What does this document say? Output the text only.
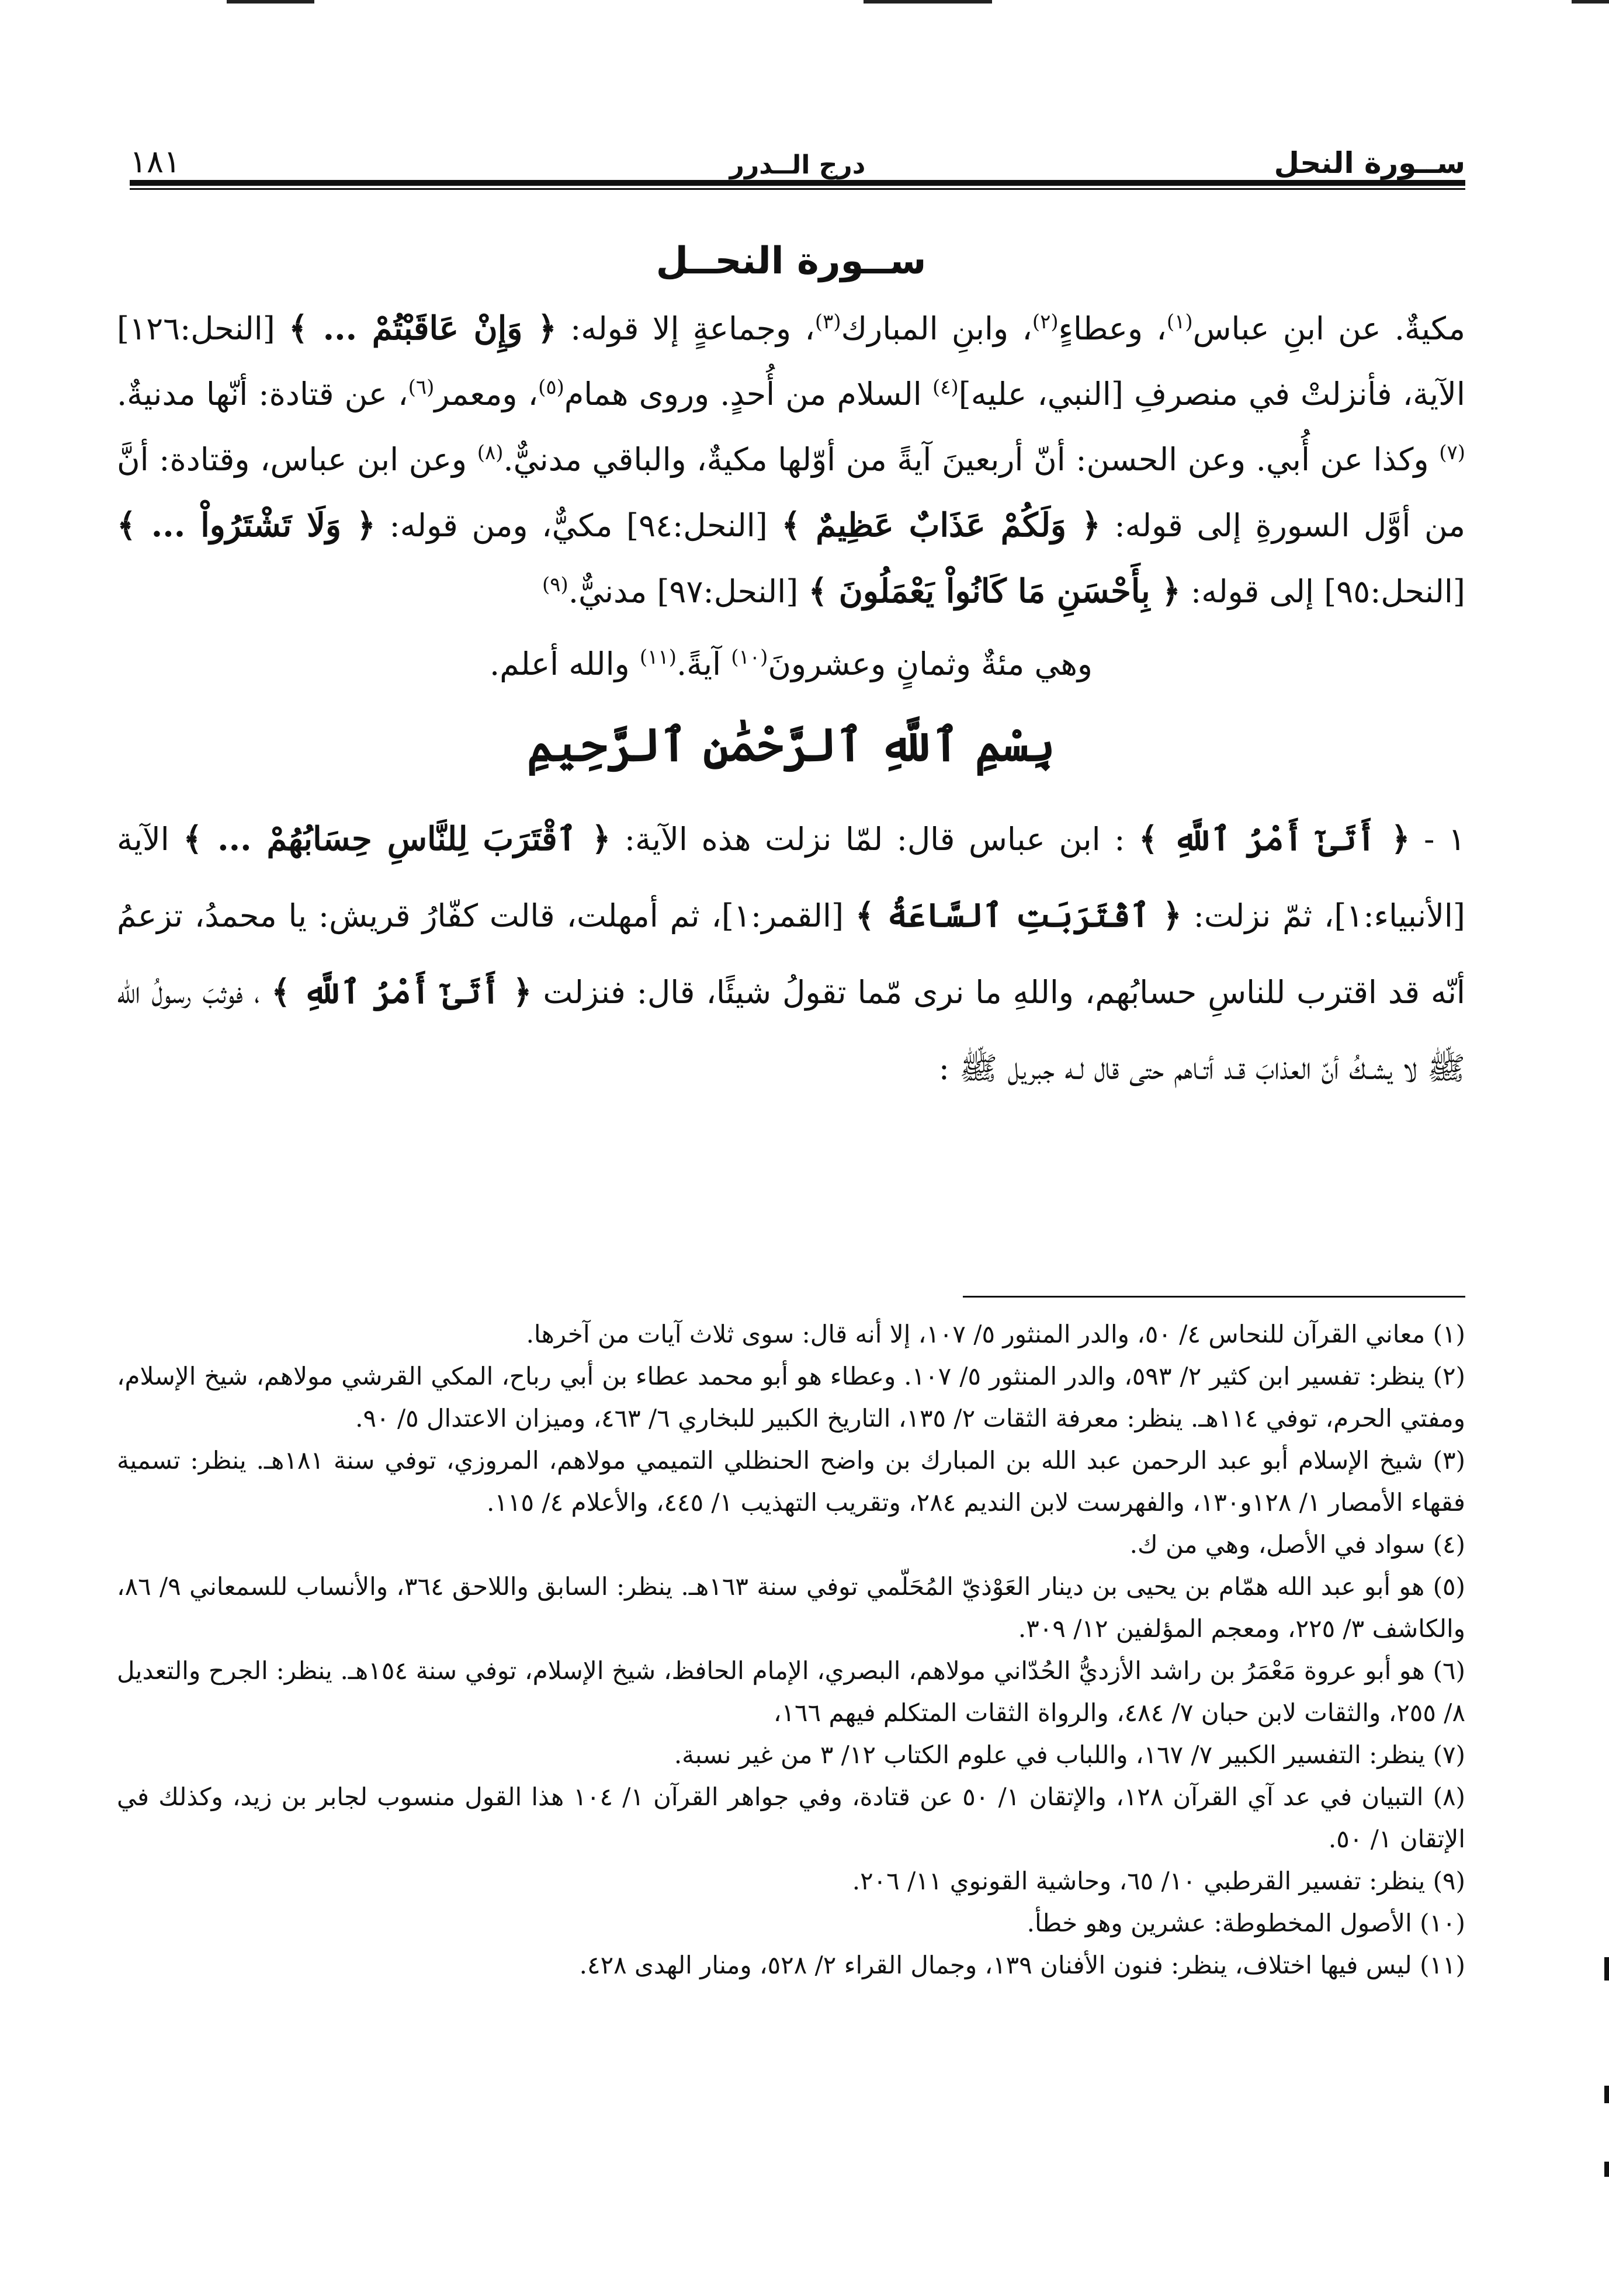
ســورة النحل
درج الــدرر
١٨١
ســورة النحــل

مكيةٌ. عن ابنِ عباس$^{(١)}$، وعطاءٍ$^{(٢)}$، وابنِ المبارك$^{(٣)}$، وجماعةٍ إلا قوله: ﴿ وَإِنْ عَاقَبْتُمْ ... ﴾ [النحل:١٢٦] الآية، فأنزلتْ في منصرفِ [النبي، عليه]$^{(٤)}$ السلام من أُحدٍ. وروى همام$^{(٥)}$، ومعمر$^{(٦)}$، عن قتادة: أنّها مدنيةٌ.$^{(٧)}$ وكذا عن أُبي. وعن الحسن: أنّ أربعينَ آيةً من أوّلها مكيةٌ، والباقي مدنيٌّ.$^{(٨)}$ وعن ابن عباس، وقتادة: أنَّ من أوَّل السورةِ إلى قوله: ﴿ وَلَكُمْ عَذَابٌ عَظِيمٌ ﴾ [النحل:٩٤] مكيٌّ، ومن قوله: ﴿ وَلَا تَشْتَرُواْ ... ﴾ [النحل:٩٥] إلى قوله: ﴿ بِأَحْسَنِ مَا كَانُواْ يَعْمَلُونَ ﴾ [النحل:٩٧] مدنيٌّ.$^{(٩)}$

وهي مئةٌ وثمانٍ وعشرونَ$^{(١٠)}$ آيةً.$^{(١١)}$ والله أعلم.

بِسْمِ ٱللَّهِ ٱلرَّحْمَٰنِ ٱلرَّحِيمِ

١ - ﴿ أَتَىٰٓ أَمْرُ ٱللَّهِ ﴾ : ابن عباس قال: لمّا نزلت هذه الآية: ﴿ ٱقْتَرَبَ لِلنَّاسِ حِسَابُهُمْ ... ﴾ الآية [الأنبياء:١]، ثمّ نزلت: ﴿ ٱقْتَرَبَتِ ٱلسَّاعَةُ ﴾ [القمر:١]، ثم أمهلت، قالت كفّارُ قريش: يا محمدُ، تزعمُ أنّه قد اقترب للناسِ حسابُهم، واللهِ ما نرى مّما تقولُ شيئًا، قال: فنزلت ﴿ أَتَىٰٓ أَمْرُ ٱللَّهِ ﴾ ، فوثبَ رسولُ الله ﷺ لا يشـكُ أنّ العذابَ قـد أتـاهم حتى قال لـه جبريل ﷺ :

(١) معاني القرآن للنحاس ٤/ ٥٠، والدر المنثور ٥/ ١٠٧، إلا أنه قال: سوى ثلاث آيات من آخرها.

(٢) ينظر: تفسير ابن كثير ٢/ ٥٩٣، والدر المنثور ٥/ ١٠٧. وعطاء هو أبو محمد عطاء بن أبي رباح، المكي القرشي مولاهم، شيخ الإسلام، ومفتي الحرم، توفي ١١٤هـ. ينظر: معرفة الثقات ٢/ ١٣٥، التاريخ الكبير للبخاري ٦/ ٤٦٣، وميزان الاعتدال ٥/ ٩٠.

(٣) شيخ الإسلام أبو عبد الرحمن عبد الله بن المبارك بن واضح الحنظلي التميمي مولاهم، المروزي، توفي سنة ١٨١هـ. ينظر: تسمية فقهاء الأمصار ١/ ١٢٨و١٣٠، والفهرست لابن النديم ٢٨٤، وتقريب التهذيب ١/ ٤٤٥، والأعلام ٤/ ١١٥.

(٤) سواد في الأصل، وهي من ك.

(٥) هو أبو عبد الله همّام بن يحيى بن دينار العَوْذيّ المُحَلّمي توفي سنة ١٦٣هـ. ينظر: السابق واللاحق ٣٦٤، والأنساب للسمعاني ٩/ ٨٦، والكاشف ٣/ ٢٢٥، ومعجم المؤلفين ١٢/ ٣٠٩.

(٦) هو أبو عروة مَعْمَرُ بن راشد الأزديُّ الحُدّاني مولاهم، البصري، الإمام الحافظ، شيخ الإسلام، توفي سنة ١٥٤هـ. ينظر: الجرح والتعديل ٨/ ٢٥٥، والثقات لابن حبان ٧/ ٤٨٤، والرواة الثقات المتكلم فيهم ١٦٦،

(٧) ينظر: التفسير الكبير ٧/ ١٦٧، واللباب في علوم الكتاب ١٢/ ٣ من غير نسبة.

(٨) التبيان في عد آي القرآن ١٢٨، والإتقان ١/ ٥٠ عن قتادة، وفي جواهر القرآن ١/ ١٠٤ هذا القول منسوب لجابر بن زيد، وكذلك في الإتقان ١/ ٥٠.

(٩) ينظر: تفسير القرطبي ١٠/ ٦٥، وحاشية القونوي ١١/ ٢٠٦.

(١٠) الأصول المخطوطة: عشرين وهو خطأ.

(١١) ليس فيها اختلاف، ينظر: فنون الأفنان ١٣٩، وجمال القراء ٢/ ٥٢٨، ومنار الهدى ٤٢٨.
